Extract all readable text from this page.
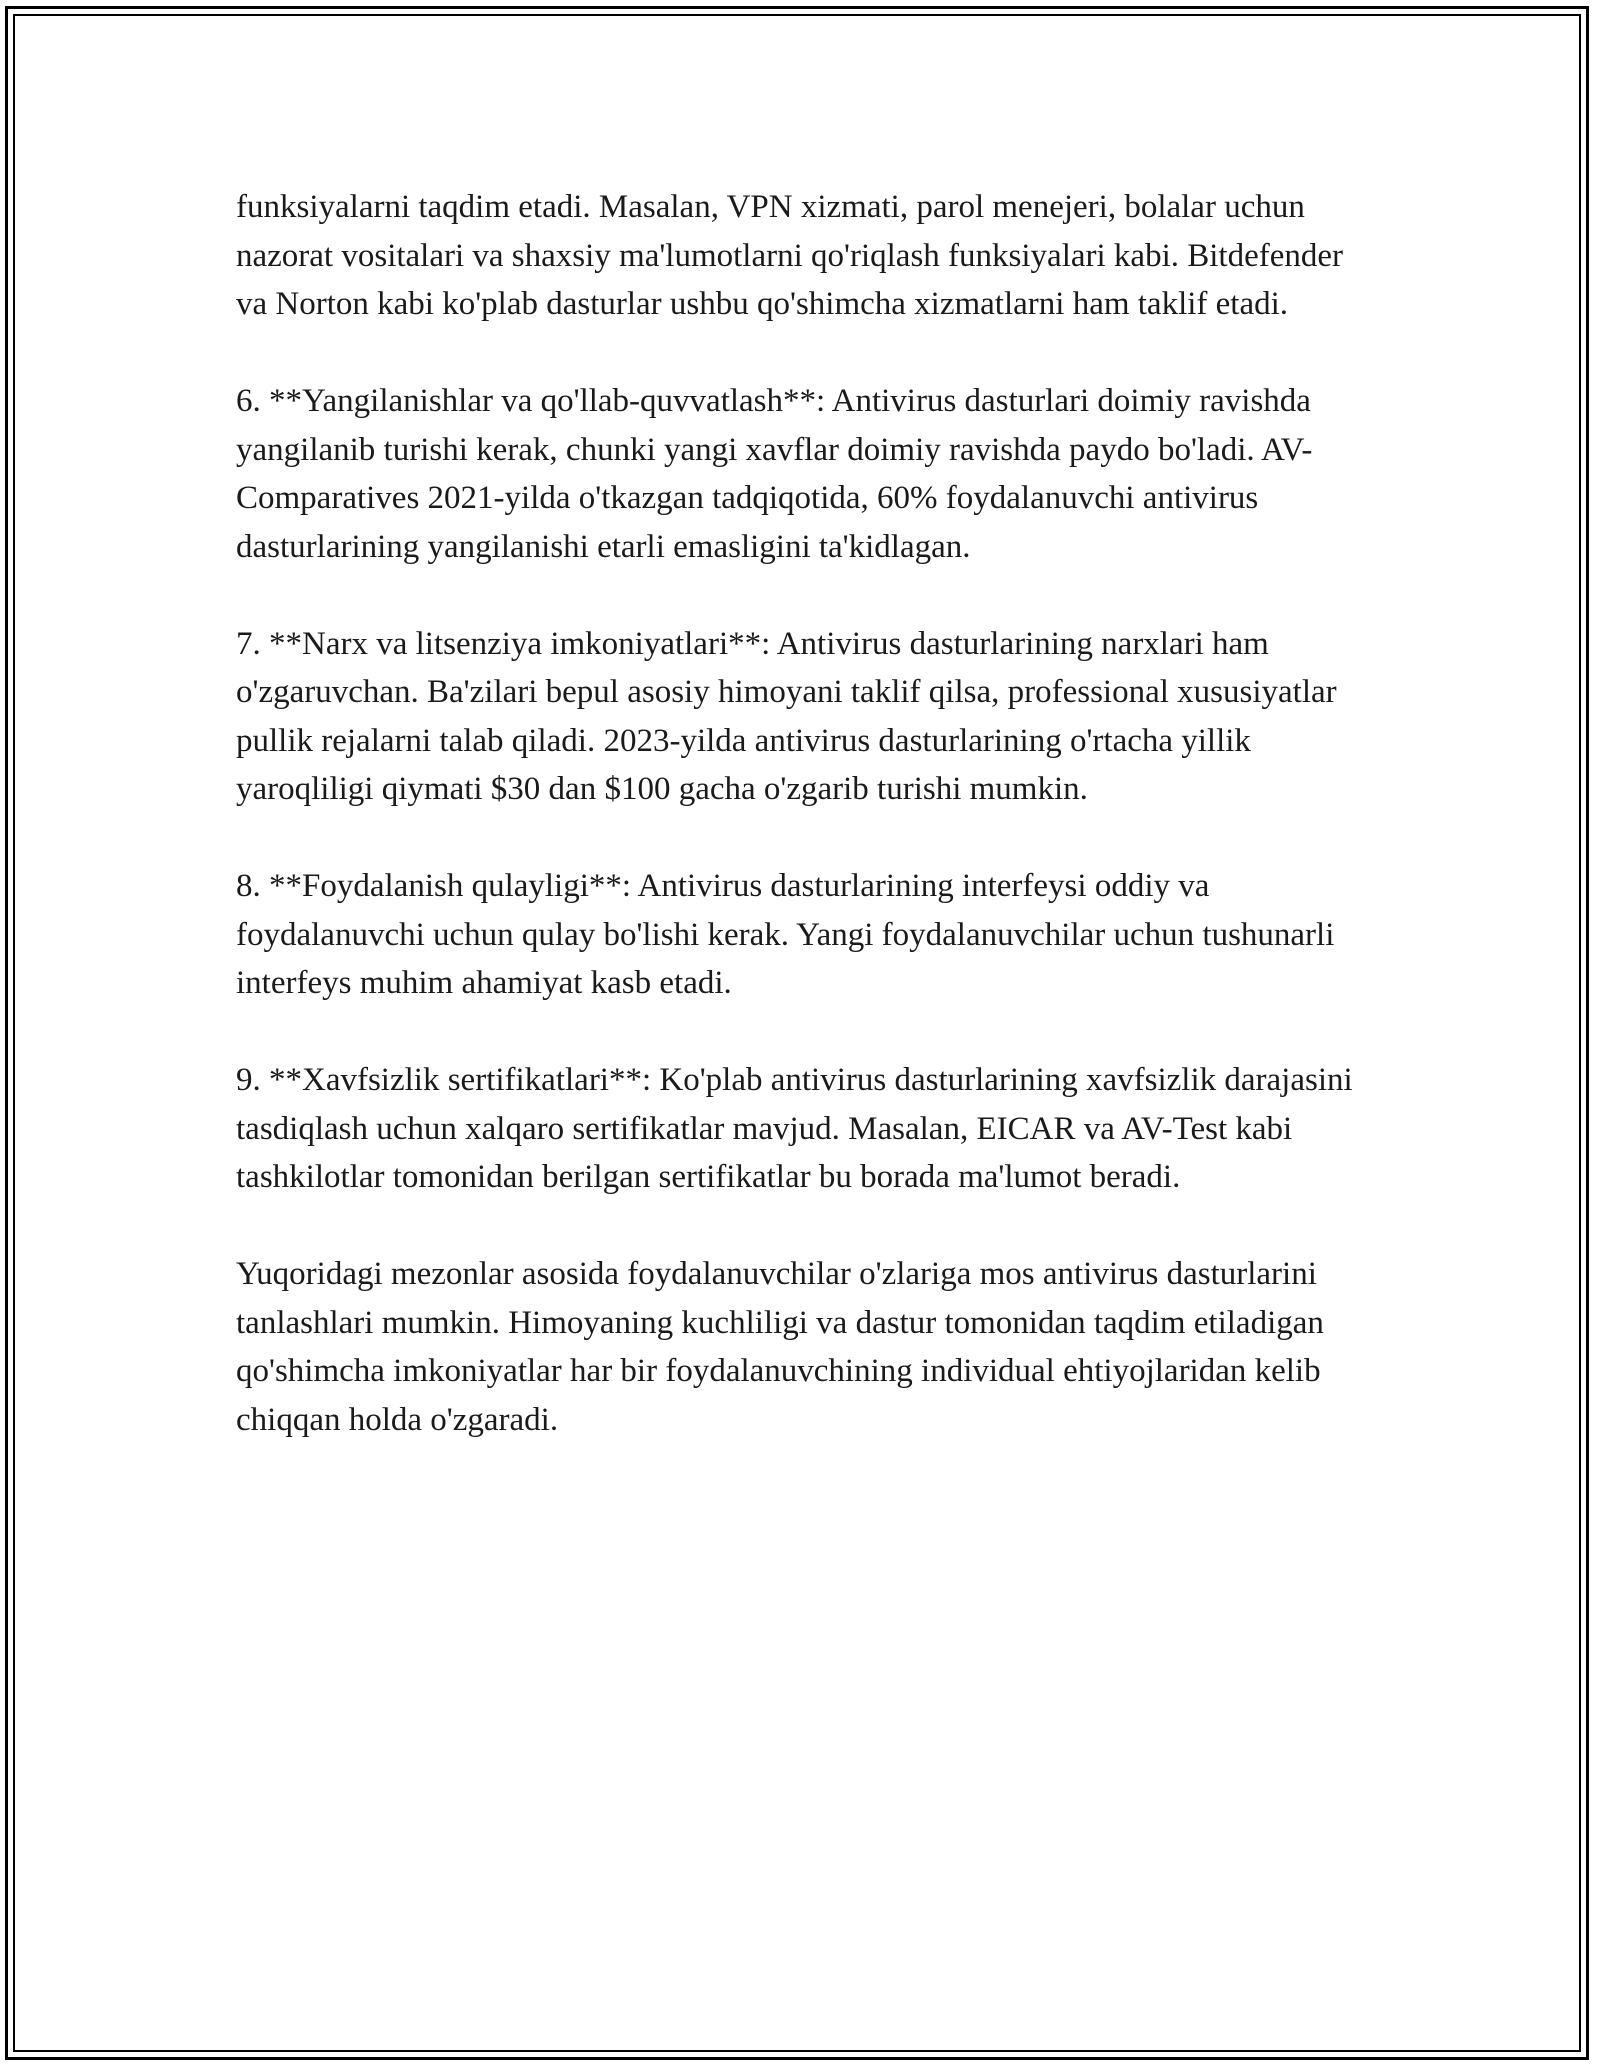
funksiyalarni taqdim etadi. Masalan, VPN xizmati, parol menejeri, bolalar uchun nazorat vositalari va shaxsiy ma'lumotlarni qo'riqlash funksiyalari kabi. Bitdefender va Norton kabi ko'plab dasturlar ushbu qo'shimcha xizmatlarni ham taklif etadi.

6. **Yangilanishlar va qo'llab-quvvatlash**: Antivirus dasturlari doimiy ravishda yangilanib turishi kerak, chunki yangi xavflar doimiy ravishda paydo bo'ladi. AV-Comparatives 2021-yilda o'tkazgan tadqiqotida, 60% foydalanuvchi antivirus dasturlarining yangilanishi etarli emasligini ta'kidlagan.

7. **Narx va litsenziya imkoniyatlari**: Antivirus dasturlarining narxlari ham o'zgaruvchan. Ba'zilari bepul asosiy himoyani taklif qilsa, professional xususiyatlar pullik rejalarni talab qiladi. 2023-yilda antivirus dasturlarining o'rtacha yillik yaroqliligi qiymati $30 dan $100 gacha o'zgarib turishi mumkin.

8. **Foydalanish qulayligi**: Antivirus dasturlarining interfeysi oddiy va foydalanuvchi uchun qulay bo'lishi kerak. Yangi foydalanuvchilar uchun tushunarli interfeys muhim ahamiyat kasb etadi.

9. **Xavfsizlik sertifikatlari**: Ko'plab antivirus dasturlarining xavfsizlik darajasini tasdiqlash uchun xalqaro sertifikatlar mavjud. Masalan, EICAR va AV-Test kabi tashkilotlar tomonidan berilgan sertifikatlar bu borada ma'lumot beradi.

Yuqoridagi mezonlar asosida foydalanuvchilar o'zlariga mos antivirus dasturlarini tanlashlari mumkin. Himoyaning kuchliligi va dastur tomonidan taqdim etiladigan qo'shimcha imkoniyatlar har bir foydalanuvchining individual ehtiyojlaridan kelib chiqqan holda o'zgaradi.
